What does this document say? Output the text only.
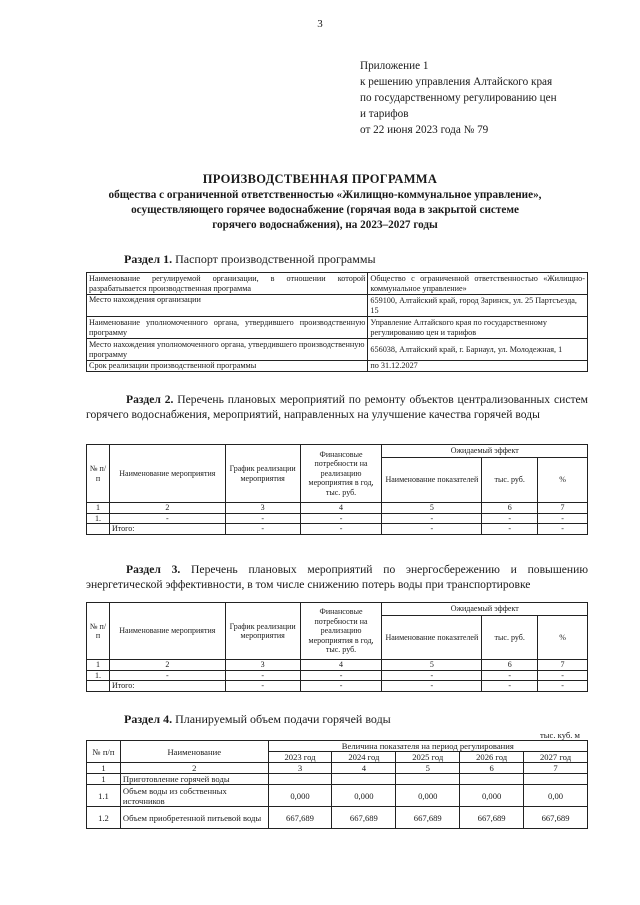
3
Приложение 1
к решению управления Алтайского края
по государственному регулированию цен
и тарифов
от 22 июня 2023 года № 79
ПРОИЗВОДСТВЕННАЯ ПРОГРАММА
общества с ограниченной ответственностью «Жилищно-коммунальное управление»,
осуществляющего горячее водоснабжение (горячая вода в закрытой системе
горячего водоснабжения), на 2023–2027 годы
Раздел 1. Паспорт производственной программы
Наименование регулируемой организации, в отношении которой разрабатывается производственная программа	Общество с ограниченной ответственностью «Жилищно-коммунальное управление»
Место нахождения организации	659100, Алтайский край, город Заринск, ул. 25 Партсъезда, 15
Наименование уполномоченного органа, утвердившего производственную программу	Управление Алтайского края по государственному регулированию цен и тарифов
Место нахождения уполномоченного органа, утвердившего производственную программу	656038, Алтайский край, г. Барнаул, ул. Молодежная, 1
Срок реализации производственной программы	по 31.12.2027
Раздел 2. Перечень плановых мероприятий по ремонту объектов централизованных систем горячего водоснабжения, мероприятий, направленных на улучшение качества горячей воды
№ п/п	Наименование мероприятия	График реализации мероприятия	Финансовые потребности на реализацию мероприятия в год, тыс. руб.	Ожидаемый эффект		
				Наименование показателей	тыс. руб.	%
1	2	3	4	5	6	7
1.	-	-	-	-	-	-
	Итого:	-	-	-	-	-
Раздел 3. Перечень плановых мероприятий по энергосбережению и повышению энергетической эффективности, в том числе снижению потерь воды при транспортировке
№ п/п	Наименование мероприятия	График реализации мероприятия	Финансовые потребности на реализацию мероприятия в год, тыс. руб.	Ожидаемый эффект		
				Наименование показателей	тыс. руб.	%
1	2	3	4	5	6	7
1.	-	-	-	-	-	-
	Итого:	-	-	-	-	-
Раздел 4. Планируемый объем подачи горячей воды
тыс. куб. м
№ п/п	Наименование	Величина показателя на период регулирования				
		2023 год	2024 год	2025 год	2026 год	2027 год
1	2	3	4	5	6	7
1	Приготовление горячей воды					
1.1	Объем воды из собственных источников	0,000	0,000	0,000	0,000	0,00
1.2	Объем приобретенной питьевой воды	667,689	667,689	667,689	667,689	667,689
